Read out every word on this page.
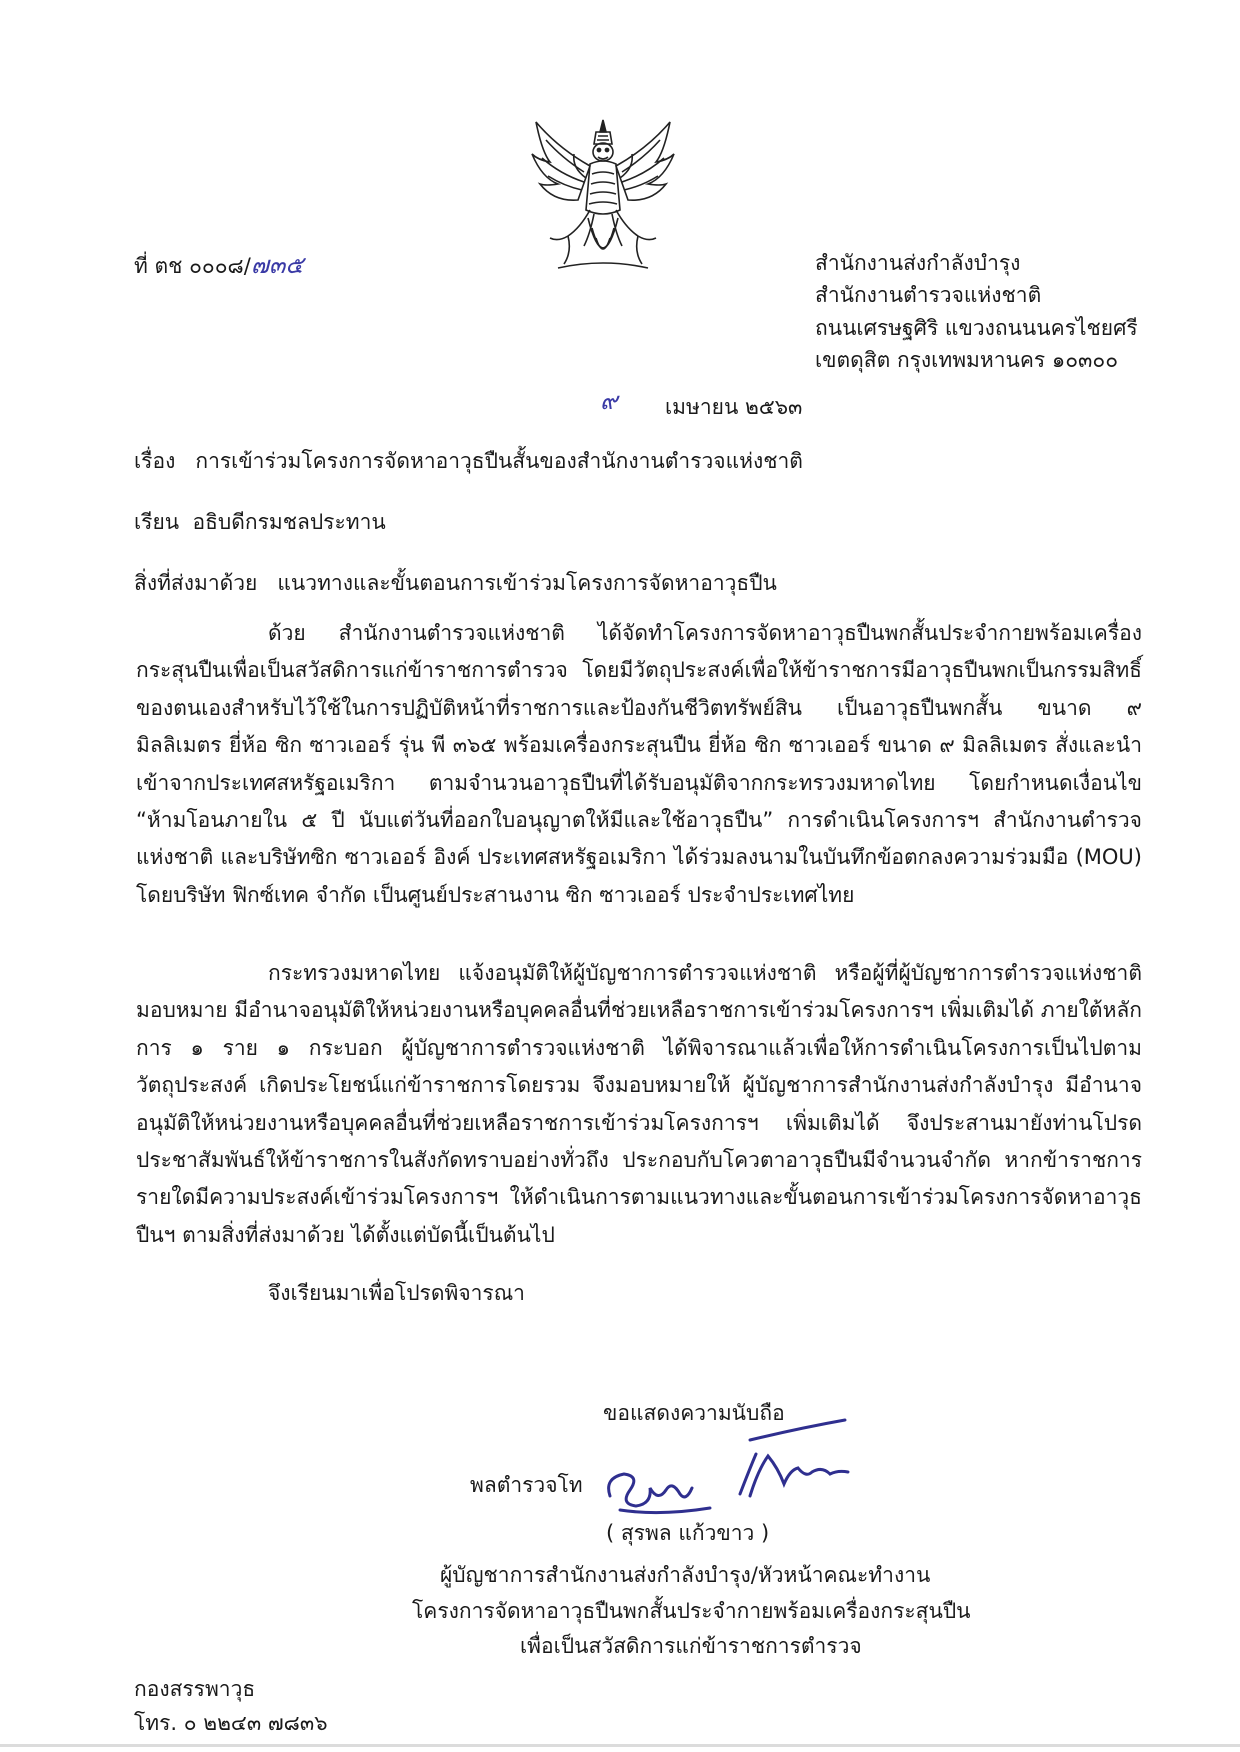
ที่ ตช ๐๐๐๘/๗๓๕	สำนักงานส่งกำลังบำรุง
สำนักงานตำรวจแห่งชาติ
ถนนเศรษฐศิริ แขวงถนนนครไชยศรี
เขตดุสิต กรุงเทพมหานคร ๑๐๓๐๐
๙ เมษายน ๒๕๖๓
เรื่อง การเข้าร่วมโครงการจัดหาอาวุธปืนสั้นของสำนักงานตำรวจแห่งชาติ
เรียน อธิบดีกรมชลประทาน
สิ่งที่ส่งมาด้วย แนวทางและขั้นตอนการเข้าร่วมโครงการจัดหาอาวุธปืน
ด้วย สำนักงานตำรวจแห่งชาติ ได้จัดทำโครงการจัดหาอาวุธปืนพกสั้นประจำกายพร้อมเครื่องกระสุนปืนเพื่อเป็นสวัสดิการแก่ข้าราชการตำรวจ โดยมีวัตถุประสงค์เพื่อให้ข้าราชการมีอาวุธปืนพกเป็นกรรมสิทธิ์ของตนเองสำหรับไว้ใช้ในการปฏิบัติหน้าที่ราชการและป้องกันชีวิตทรัพย์สิน เป็นอาวุธปืนพกสั้น ขนาด ๙ มิลลิเมตร ยี่ห้อ ซิก ซาวเออร์ รุ่น พี ๓๖๕ พร้อมเครื่องกระสุนปืน ยี่ห้อ ซิก ซาวเออร์ ขนาด ๙ มิลลิเมตร สั่งและนำเข้าจากประเทศสหรัฐอเมริกา ตามจำนวนอาวุธปืนที่ได้รับอนุมัติจากกระทรวงมหาดไทย โดยกำหนดเงื่อนไข “ห้ามโอนภายใน ๕ ปี นับแต่วันที่ออกใบอนุญาตให้มีและใช้อาวุธปืน” การดำเนินโครงการฯ สำนักงานตำรวจแห่งชาติ และบริษัทซิก ซาวเออร์ อิงค์ ประเทศสหรัฐอเมริกา ได้ร่วมลงนามในบันทึกข้อตกลงความร่วมมือ (MOU) โดยบริษัท ฟิกซ์เทค จำกัด เป็นศูนย์ประสานงาน ซิก ซาวเออร์ ประจำประเทศไทย
กระทรวงมหาดไทย แจ้งอนุมัติให้ผู้บัญชาการตำรวจแห่งชาติ หรือผู้ที่ผู้บัญชาการตำรวจแห่งชาติมอบหมาย มีอำนาจอนุมัติให้หน่วยงานหรือบุคคลอื่นที่ช่วยเหลือราชการเข้าร่วมโครงการฯ เพิ่มเติมได้ ภายใต้หลักการ ๑ ราย ๑ กระบอก ผู้บัญชาการตำรวจแห่งชาติ ได้พิจารณาแล้วเพื่อให้การดำเนินโครงการเป็นไปตามวัตถุประสงค์ เกิดประโยชน์แก่ข้าราชการโดยรวม จึงมอบหมายให้ ผู้บัญชาการสำนักงานส่งกำลังบำรุง มีอำนาจอนุมัติให้หน่วยงานหรือบุคคลอื่นที่ช่วยเหลือราชการเข้าร่วมโครงการฯ เพิ่มเติมได้ จึงประสานมายังท่านโปรดประชาสัมพันธ์ให้ข้าราชการในสังกัดทราบอย่างทั่วถึง ประกอบกับโควตาอาวุธปืนมีจำนวนจำกัด หากข้าราชการรายใดมีความประสงค์เข้าร่วมโครงการฯ ให้ดำเนินการตามแนวทางและขั้นตอนการเข้าร่วมโครงการจัดหาอาวุธปืนฯ ตามสิ่งที่ส่งมาด้วย ได้ตั้งแต่บัดนี้เป็นต้นไป
จึงเรียนมาเพื่อโปรดพิจารณา
ขอแสดงความนับถือ
พลตำรวจโท
( สุรพล แก้วขาว )
ผู้บัญชาการสำนักงานส่งกำลังบำรุง/หัวหน้าคณะทำงาน
โครงการจัดหาอาวุธปืนพกสั้นประจำกายพร้อมเครื่องกระสุนปืน
เพื่อเป็นสวัสดิการแก่ข้าราชการตำรวจ
กองสรรพาวุธ
โทร. ๐ ๒๒๔๓ ๗๘๓๖
